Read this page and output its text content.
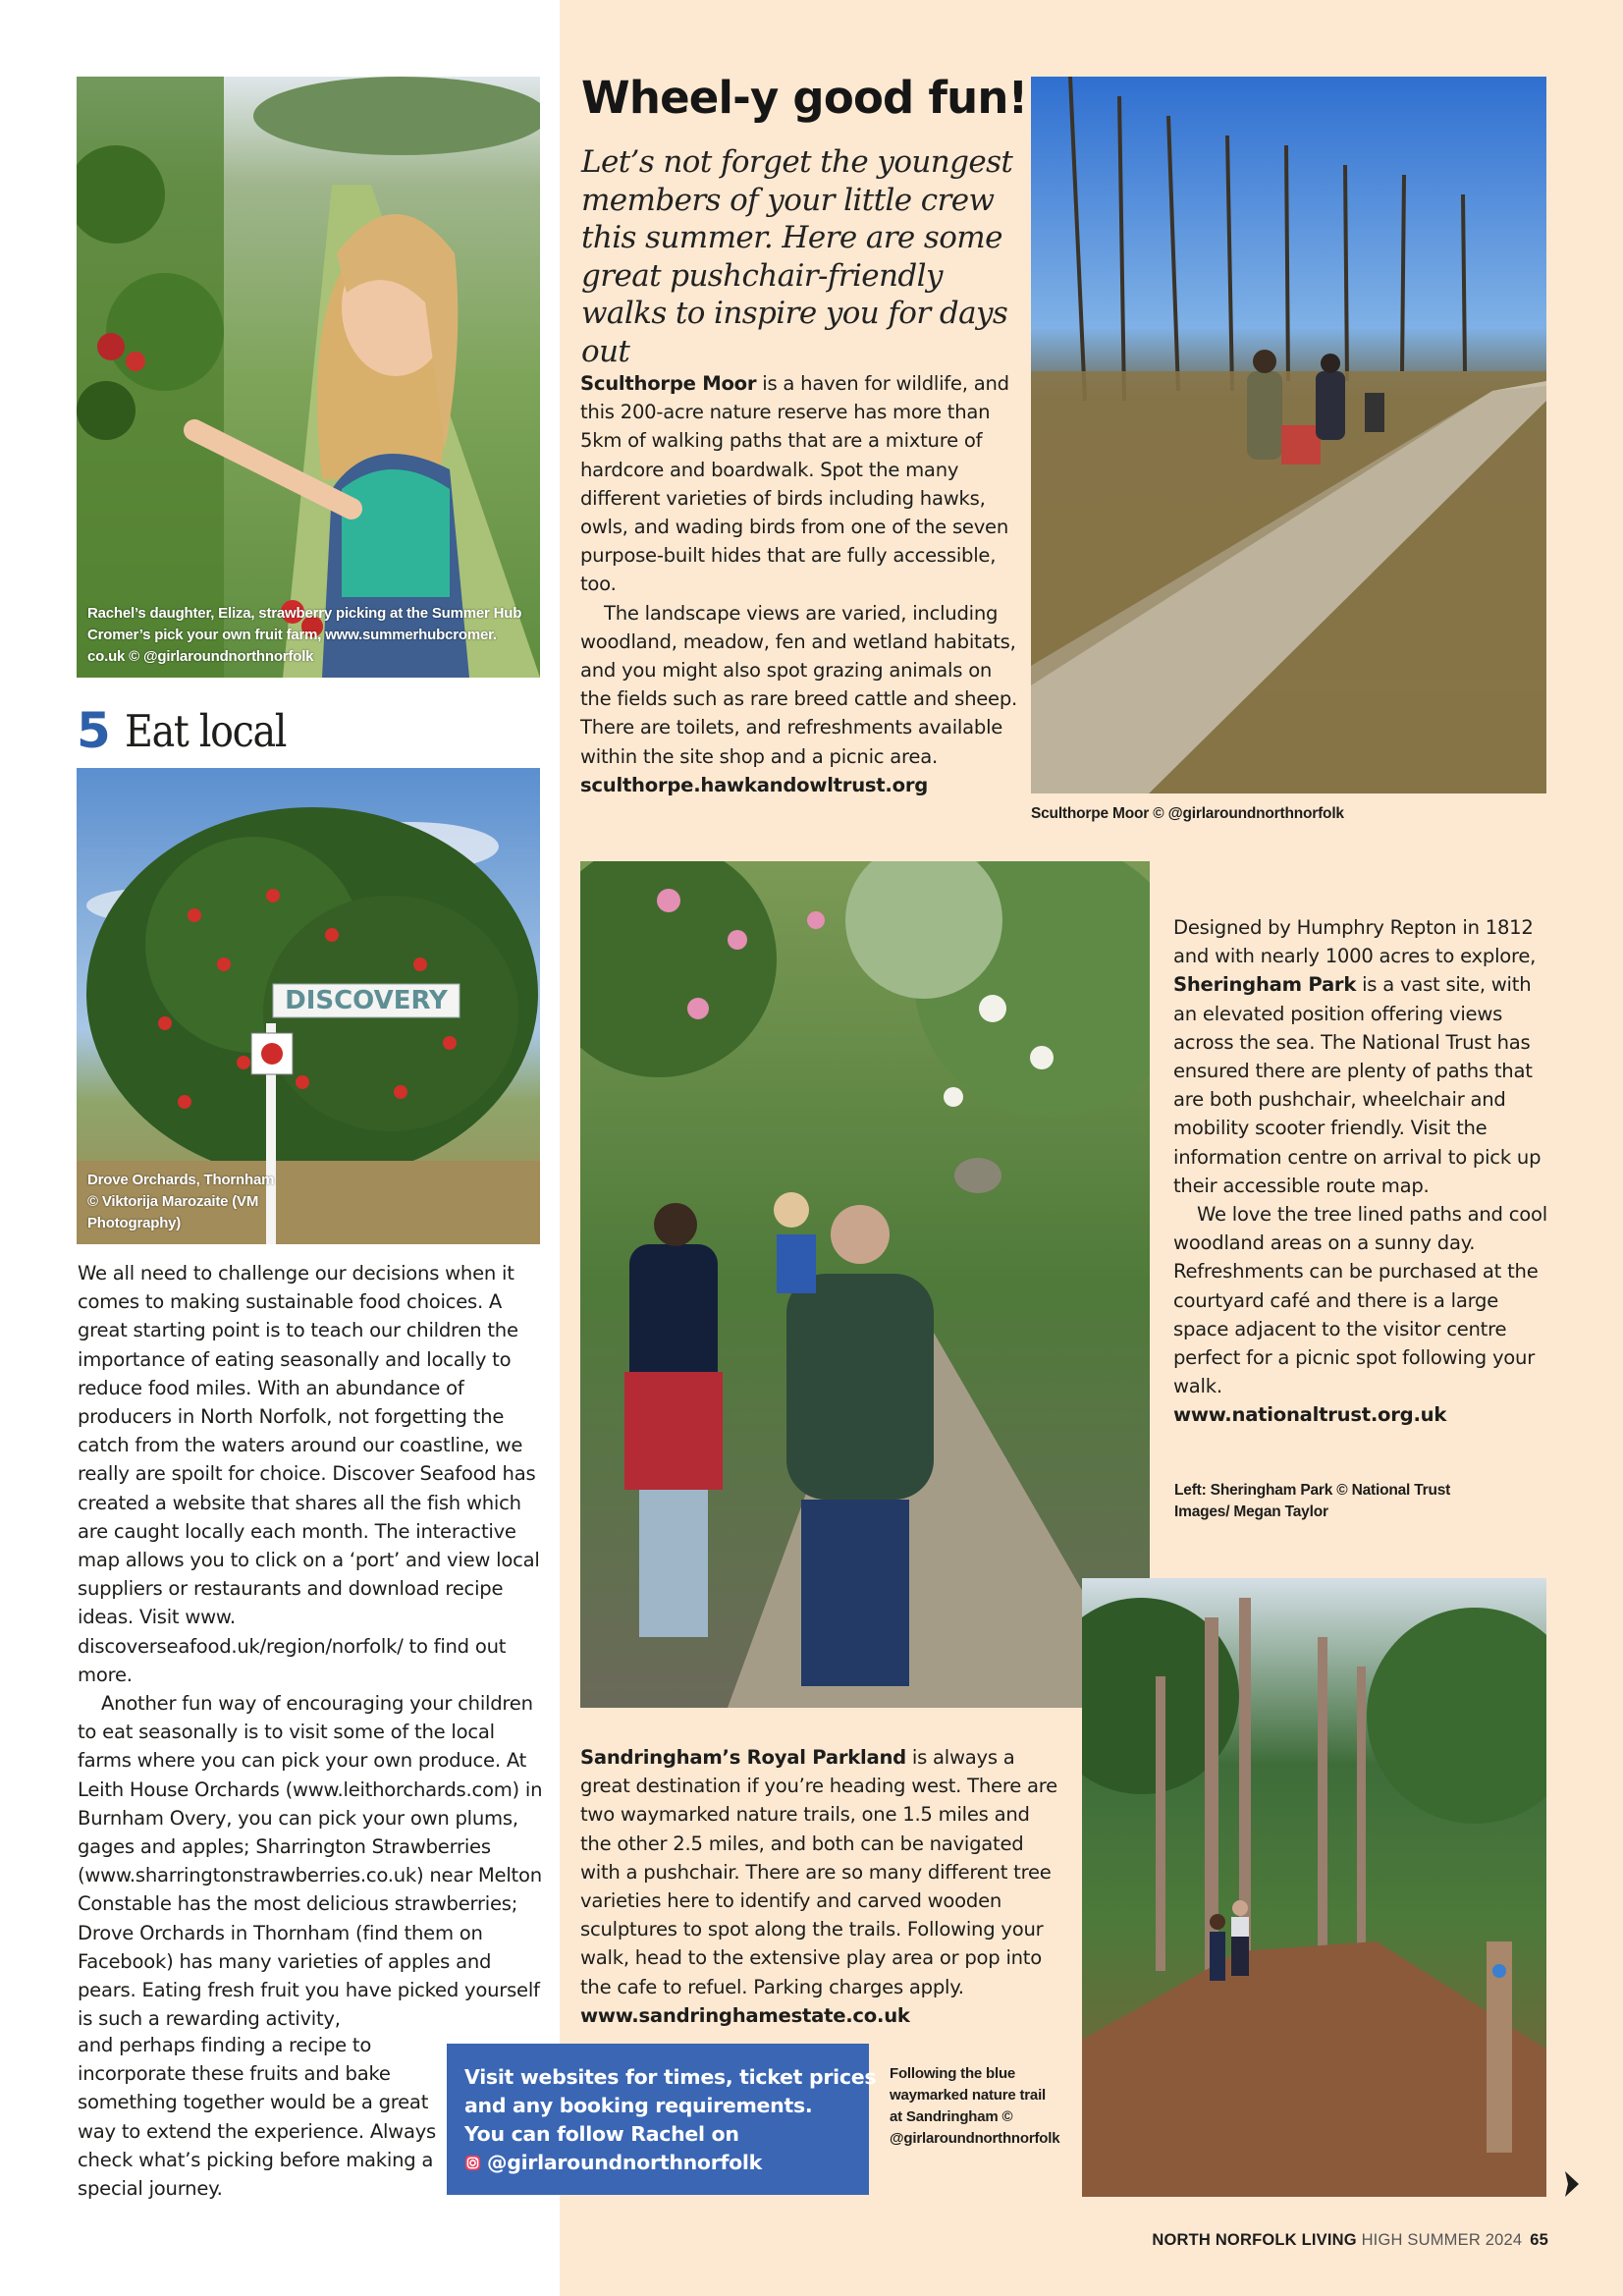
Rachel’s daughter, Eliza, strawberry picking at the Summer Hub
Cromer’s pick your own fruit farm, www.summerhubcromer.
co.uk © @girlaroundnorthnorfolk
5 Eat local
DISCOVERY
Drove Orchards, Thornham
© Viktorija Marozaite (VM
Photography)

We all need to challenge our decisions when it comes to making sustainable food choices. A great starting point is to teach our children the importance of eating seasonally and locally to reduce food miles. With an abundance of producers in North Norfolk, not forgetting the catch from the waters around our coastline, we really are spoilt for choice. Discover Seafood has created a website that shares all the fish which are caught locally each month. The interactive map allows you to click on a ‘port’ and view local suppliers or restaurants and download recipe ideas. Visit www. discoverseafood.uk/region/norfolk/ to find out more.

Another fun way of encouraging your children to eat seasonally is to visit some of the local farms where you can pick your own produce. At Leith House Orchards (www.leithorchards.com) in Burnham Overy, you can pick your own plums, gages and apples; Sharrington Strawberries (www.sharringtonstrawberries.co.uk) near Melton Constable has the most delicious strawberries; Drove Orchards in Thornham (find them on Facebook) has many varieties of apples and pears. Eating fresh fruit you have picked yourself is such a rewarding activity,

and perhaps finding a recipe to incorporate these fruits and bake something together would be a great way to extend the experience. Always check what’s picking before making a special journey.

Wheel-y good fun!
Let’s not forget the youngest members of your little crew this summer. Here are some great pushchair-friendly walks to inspire you for days out

Sculthorpe Moor is a haven for wildlife, and this 200-acre nature reserve has more than 5km of walking paths that are a mixture of hardcore and boardwalk. Spot the many different varieties of birds including hawks, owls, and wading birds from one of the seven purpose-built hides that are fully accessible, too.

The landscape views are varied, including woodland, meadow, fen and wetland habitats, and you might also spot grazing animals on the fields such as rare breed cattle and sheep. There are toilets, and refreshments available within the site shop and a picnic area.

sculthorpe.hawkandowltrust.org
Sculthorpe Moor © @girlaroundnorthnorfolk

Designed by Humphry Repton in 1812 and with nearly 1000 acres to explore, Sheringham Park is a vast site, with an elevated position offering views across the sea. The National Trust has ensured there are plenty of paths that are both pushchair, wheelchair and mobility scooter friendly. Visit the information centre on arrival to pick up their accessible route map.

We love the tree lined paths and cool woodland areas on a sunny day. Refreshments can be purchased at the courtyard café and there is a large space adjacent to the visitor centre perfect for a picnic spot following your walk.

www.nationaltrust.org.uk
Left: Sheringham Park © National Trust
Images/ Megan Taylor

Sandringham’s Royal Parkland is always a great destination if you’re heading west. There are two waymarked nature trails, one 1.5 miles and the other 2.5 miles, and both can be navigated with a pushchair. There are so many different tree varieties here to identify and carved wooden sculptures to spot along the trails. Following your walk, head to the extensive play area or pop into the cafe to refuel. Parking charges apply.

www.sandringhamestate.co.uk
Visit websites for times, ticket prices
and any booking requirements.
You can follow Rachel on
@girlaroundnorthnorfolk
Following the blue
waymarked nature trail
at Sandringham ©
@girlaroundnorthnorfolk
NORTH NORFOLK LIVING HIGH SUMMER 2024 65
